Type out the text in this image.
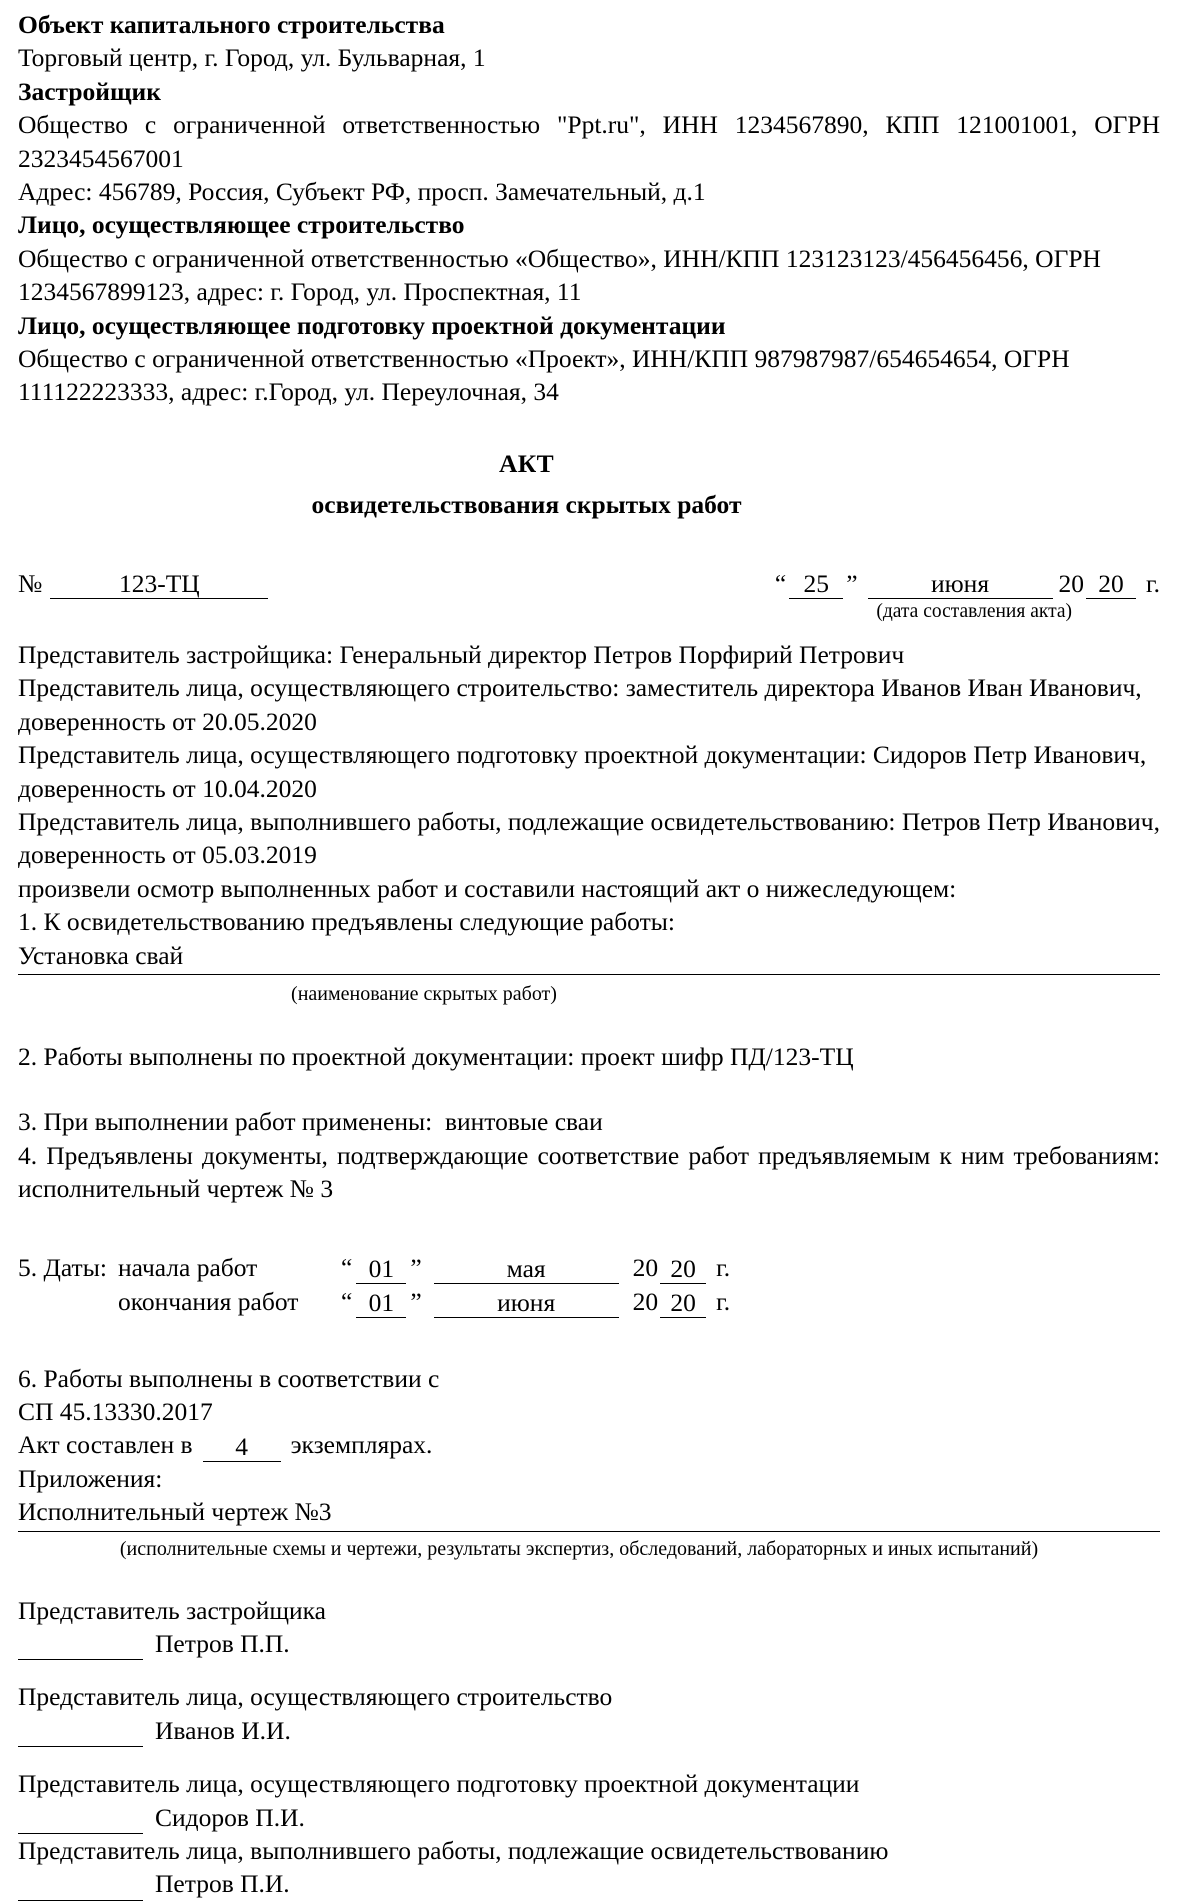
Объект капитального строительства
Торговый центр, г. Город, ул. Бульварная, 1
Застройщик
Общество с ограниченной ответственностью "Ppt.ru", ИНН 1234567890, КПП 121001001, ОГРН 2323454567001
Адрес: 456789, Россия, Субъект РФ, просп. Замечательный, д.1
Лицо, осуществляющее строительство
Общество с ограниченной ответственностью «Общество», ИНН/КПП 123123123/456456456, ОГРН 1234567899123, адрес: г. Город, ул. Проспектная, 11
Лицо, осуществляющее подготовку проектной документации
Общество с ограниченной ответственностью «Проект», ИНН/КПП 987987987/654654654, ОГРН 111122223333, адрес: г.Город, ул. Переулочная, 34
АКТ
освидетельствования скрытых работ
№	123-ТЦ	“ 25 ”	июня	20 20 г.
(дата составления акта)
Представитель застройщика: Генеральный директор Петров Порфирий Петрович
Представитель лица, осуществляющего строительство: заместитель директора Иванов Иван Иванович, доверенность от 20.05.2020
Представитель лица, осуществляющего подготовку проектной документации: Сидоров Петр Иванович, доверенность от 10.04.2020
Представитель лица, выполнившего работы, подлежащие освидетельствованию: Петров Петр Иванович, доверенность от 05.03.2019
произвели осмотр выполненных работ и составили настоящий акт о нижеследующем:
1. К освидетельствованию предъявлены следующие работы:
Установка свай
(наименование скрытых работ)
2. Работы выполнены по проектной документации: проект шифр ПД/123-ТЦ
3. При выполнении работ применены:  винтовые сваи
4. Предъявлены документы, подтверждающие соответствие работ предъявляемым к ним требованиям: исполнительный чертеж № 3
5. Даты: начала работ	“ 01 ”	мая	20 20 г.
окончания работ	“ 01 ”	июня	20 20 г.
6. Работы выполнены в соответствии с
СП 45.13330.2017
Акт составлен в	4	экземплярах.
Приложения:
Исполнительный чертеж №3
(исполнительные схемы и чертежи, результаты экспертиз, обследований, лабораторных и иных испытаний)
Представитель застройщика
Петров П.П.
Представитель лица, осуществляющего строительство
Иванов И.И.
Представитель лица, осуществляющего подготовку проектной документации
Сидоров П.И.
Представитель лица, выполнившего работы, подлежащие освидетельствованию
Петров П.И.
